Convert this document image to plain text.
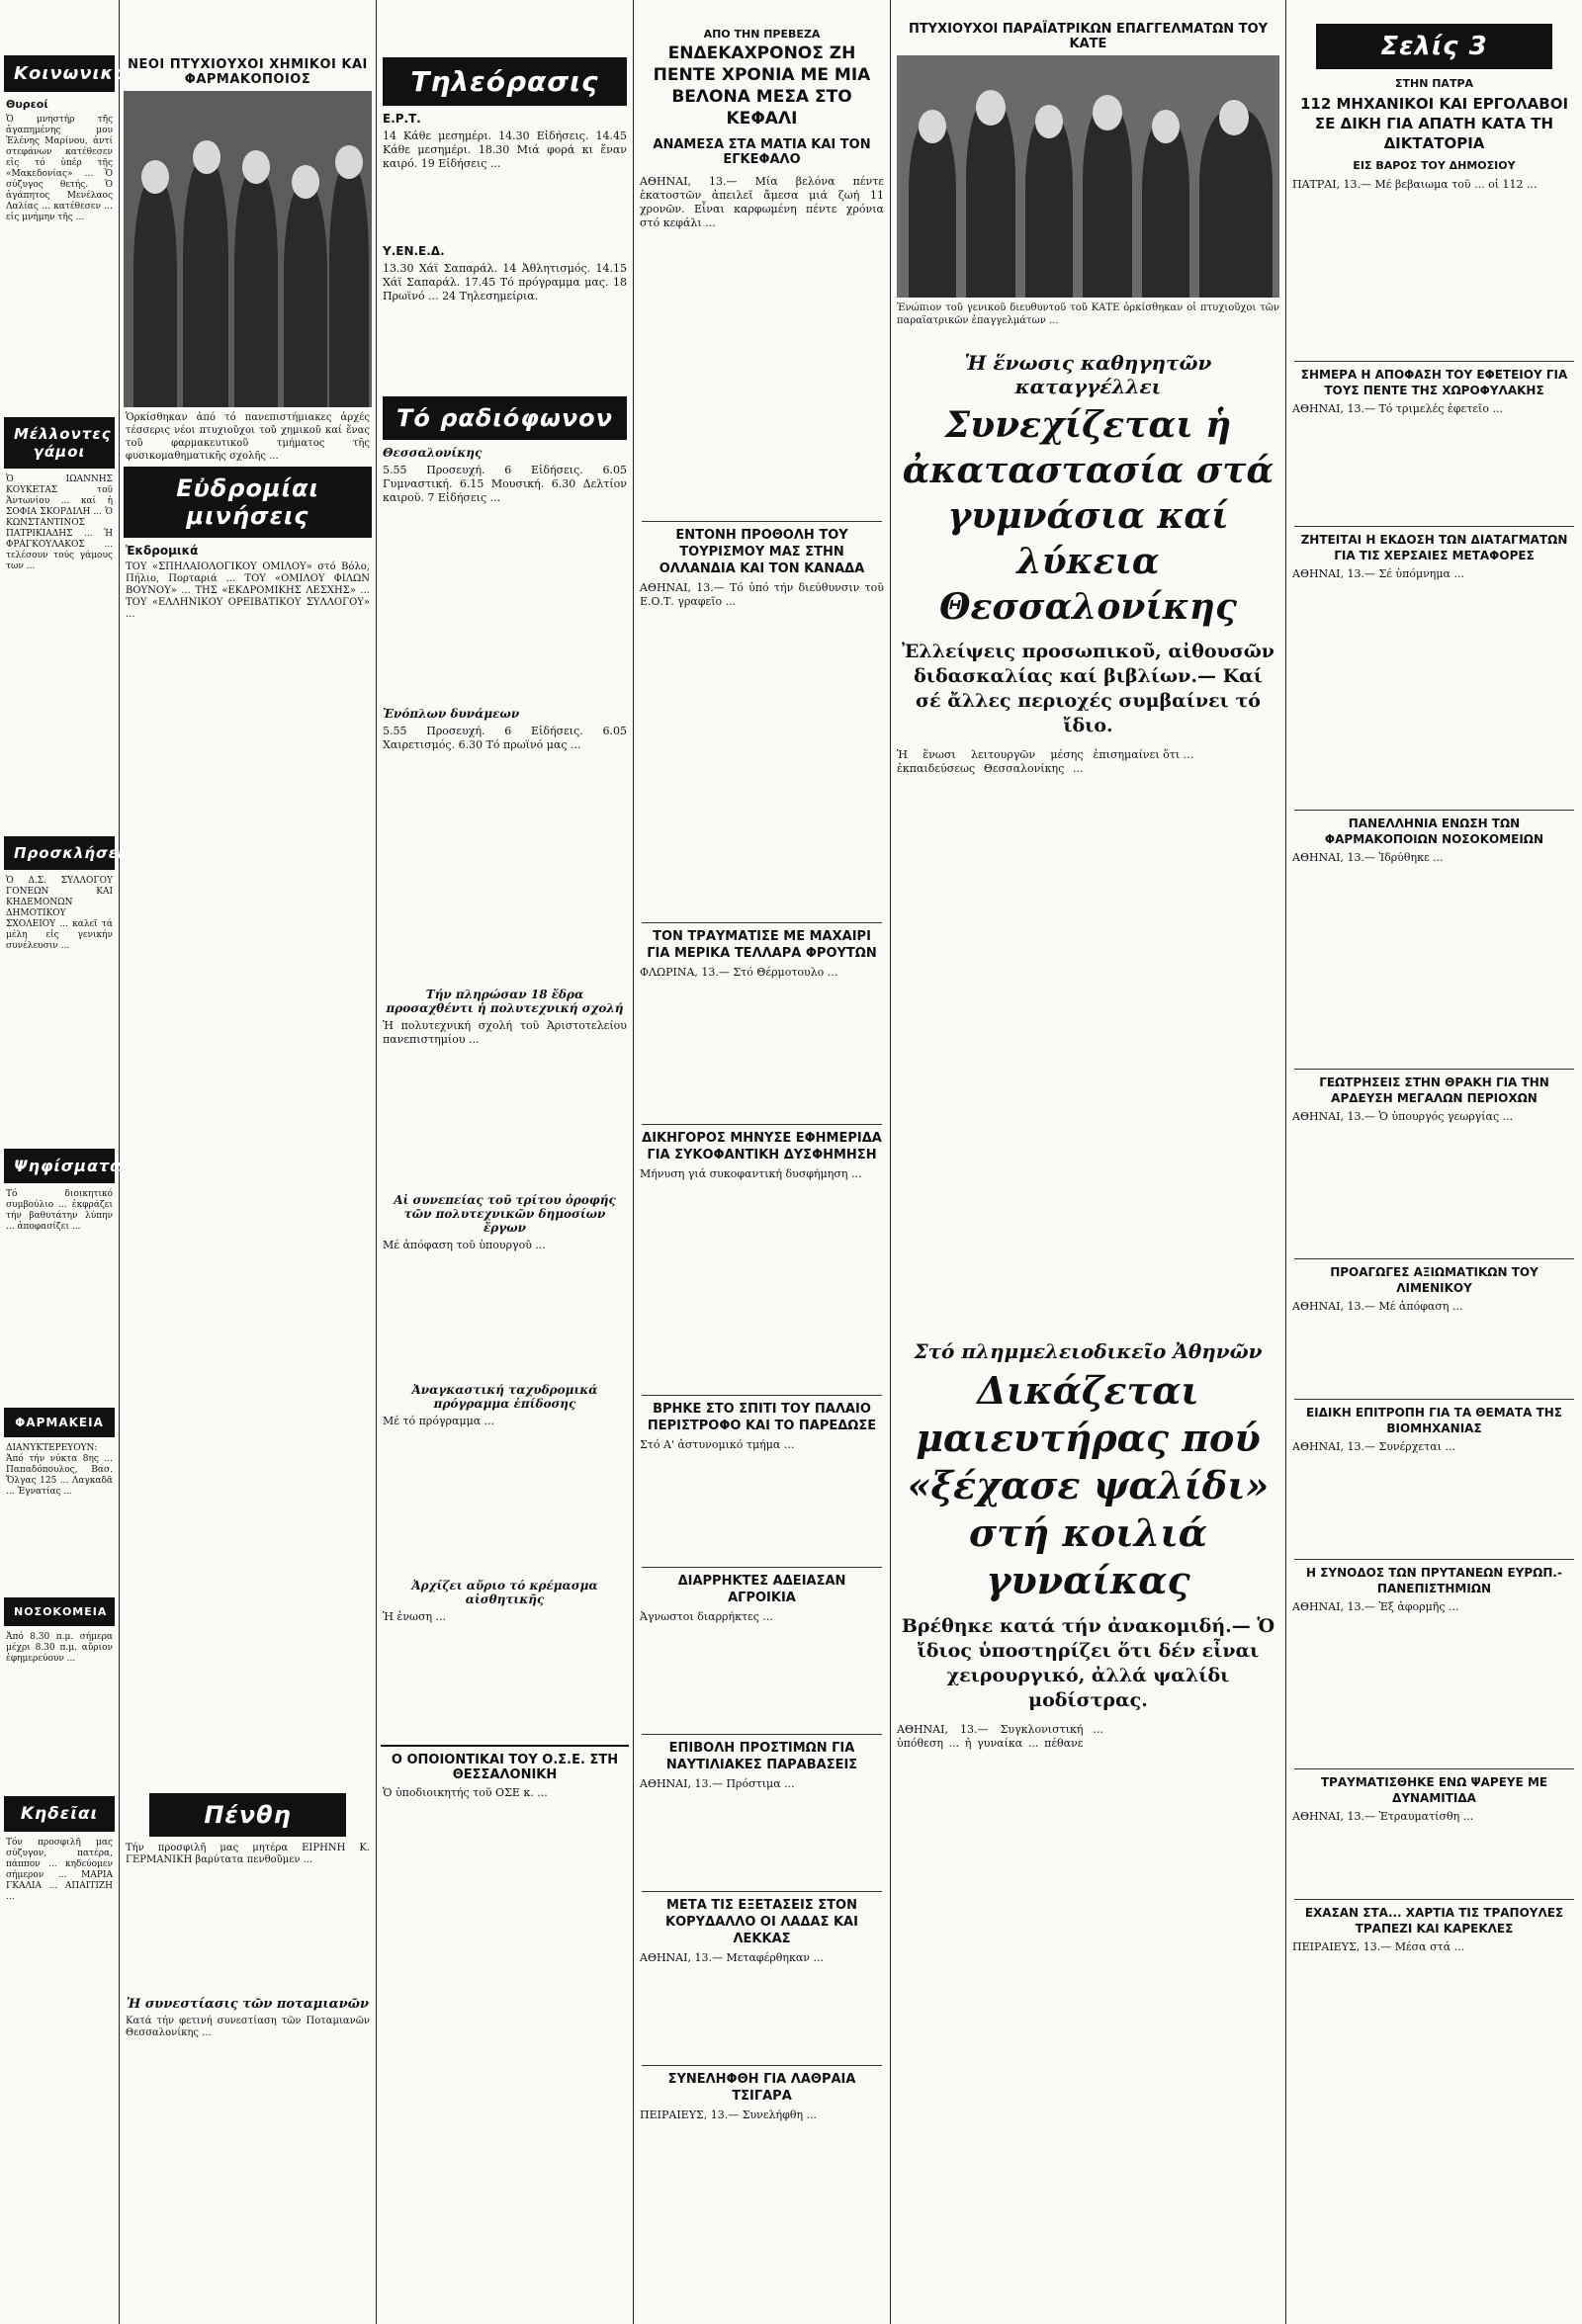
Κοινωνικά
Θυρεοί
Ὁ μνηστήρ τῆς ἀγαπημένης μου Ἐλένης Μαρίνου, ἀντί στεφάνων κατέθεσεν εἰς τό ὑπέρ τῆς «Μακεδονίας» ... Ὁ σύζυγος θετής. Ὁ ἀγάπητος Μενέλαος Λαλίας ... κατέθεσεν ... εἰς μνήμην τῆς ...
Μέλλοντες γάμοι
Ὁ ΙΩΑΝΝΗΣ ΚΟΥΚΕΤΑΣ τοῦ Ἀντωνίου ... καί ἡ ΣΟΦΙΑ ΣΚΟΡΔΙΛΗ ... Ὁ ΚΩΝΣΤΑΝΤΙΝΟΣ ΠΑΤΡΙΚΙΑΔΗΣ ... Ἡ ΦΡΑΓΚΟΥΛΑΚΟΣ ... τελέσουν τούς γάμους των ...
Προσκλήσεις
Ὁ Δ.Σ. ΣΥΛΛΟΓΟΥ ΓΟΝΕΩΝ ΚΑΙ ΚΗΔΕΜΟΝΩΝ ΔΗΜΟΤΙΚΟΥ ΣΧΟΛΕΙΟΥ ... καλεῖ τά μέλη εἰς γενικήν συνέλευσιν ...
Ψηφίσματα
Τό διοικητικό συμβούλιο ... ἐκφράζει τήν βαθυτάτην λύπην ... ἀποφασίζει ...
ΦΑΡΜΑΚΕΙΑ
ΔΙΑΝΥΚΤΕΡΕΥΟΥΝ: Ἀπό τήν νύκτα 8ης ... Παπαδόπουλος, Βασ. Ὄλγας 125 ... Λαγκαδᾶ ... Ἐγνατίας ...
ΝΟΣΟΚΟΜΕΙΑ
Ἀπό 8.30 π.μ. σήμερα μέχρι 8.30 π.μ. αὔριον ἐφημερεύουν ...
Κηδεῖαι
Τόν προσφιλῆ μας σύζυγον, πατέρα, πάππον ... κηδεύομεν σήμερον ... ΜΑΡΙΑ ΓΚΑΛΙΑ ... ΑΠΑΙΤΙΖΗ ...
ΝΕΟΙ ΠΤΥΧΙΟΥΧΟΙ ΧΗΜΙΚΟΙ ΚΑΙ ΦΑΡΜΑΚΟΠΟΙΟΣ
Ὁρκίσθηκαν ἀπό τό πανεπιστήμιακες ἀρχές τέσσερις νέοι πτυχιοῦχοι τοῦ χημικοῦ καί ἕνας τοῦ φαρμακευτικοῦ τμήματος τῆς φυσικομαθηματικῆς σχολῆς ...
Εὐδρομίαι μινήσεις
Ἐκδρομικά
ΤΟΥ «ΣΠΗΛΑΙΟΛΟΓΙΚΟΥ ΟΜΙΛΟΥ» στό Βόλο, Πήλιο, Πορταριά ... ΤΟΥ «ΟΜΙΛΟΥ ΦΙΛΩΝ ΒΟΥΝΟΥ» ... ΤΗΣ «ΕΚΔΡΟΜΙΚΗΣ ΛΕΣΧΗΣ» ... ΤΟΥ «ΕΛΛΗΝΙΚΟΥ ΟΡΕΙΒΑΤΙΚΟΥ ΣΥΛΛΟΓΟΥ» ...
Πένθη
Τήν προσφιλῆ μας μητέρα ΕΙΡΗΝΗ Κ. ΓΕΡΜΑΝΙΚΗ βαρύτατα πενθοῦμεν ...
Ἡ συνεστίασις τῶν ποταμιανῶν
Κατά τήν φετινή συνεστίαση τῶν Ποταμιανῶν Θεσσαλονίκης ...
Τηλεόρασις
Ε.Ρ.Τ.
14 Κάθε μεσημέρι. 14.30 Εἰδήσεις. 14.45 Κάθε μεσημέρι. 18.30 Μιά φορά κι ἕναν καιρό. 19 Εἰδήσεις ...
Υ.ΕΝ.Ε.Δ.
13.30 Χάϊ Σαπαράλ. 14 Ἀθλητισμός. 14.15 Χάϊ Σαπαράλ. 17.45 Τό πρόγραμμα μας. 18 Πρωϊνό ... 24 Τηλεσημείρια.
Τό ραδιόφωνον
Θεσσαλονίκης
5.55 Προσευχή. 6 Εἰδήσεις. 6.05 Γυμναστική. 6.15 Μουσική. 6.30 Δελτίον καιροῦ. 7 Εἰδήσεις ...
Ἐνόπλων δυνάμεων
5.55 Προσευχή. 6 Εἰδήσεις. 6.05 Χαιρετισμός. 6.30 Τό πρωϊνό μας ...
Τήν πληρώσαν 18 ἔδρα προσαχθέντι ἡ πολυτεχνική σχολή
Ἡ πολυτεχνική σχολή τοῦ Ἀριστοτελείου πανεπιστημίου ...
Αἱ συνεπείας τοῦ τρίτου ὀροφής τῶν πολυτεχνικῶν δημοσίων ἔργων
Μέ ἀπόφαση τοῦ ὑπουργοῦ ...
Ἀναγκαστική ταχυδρομικά πρόγραμμα ἐπίδοσης
Μέ τό πρόγραμμα ...
Ἀρχίζει αὔριο τό κρέμασμα αἰσθητικῆς
Ἡ ἐνωση ...
Ο ΟΠΟΙΟΝΤΙΚΑΙ ΤΟΥ Ο.Σ.Ε. ΣΤΗ ΘΕΣΣΑΛΟΝΙΚΗ
Ὁ ὑποδιοικητής τοῦ ΟΣΕ κ. ...
ΑΠΟ ΤΗΝ ΠΡΕΒΕΖΑ
ΕΝΔΕΚΑΧΡΟΝΟΣ ΖΗ ΠΕΝΤΕ ΧΡΟΝΙΑ ΜΕ ΜΙΑ ΒΕΛΟΝΑ ΜΕΣΑ ΣΤΟ ΚΕΦΑΛΙ
ΑΝΑΜΕΣΑ ΣΤΑ ΜΑΤΙΑ ΚΑΙ ΤΟΝ ΕΓΚΕΦΑΛΟ
ΑΘΗΝΑΙ, 13.— Μία βελόνα πέντε ἑκατοστῶν ἀπειλεῖ ἄμεσα μιά ζωή 11 χρονῶν. Εἶναι καρφωμένη πέντε χρόνια στό κεφάλι ...
ΕΝΤΟΝΗ ΠΡΟΘΟΛΗ ΤΟΥ ΤΟΥΡΙΣΜΟΥ ΜΑΣ ΣΤΗΝ ΟΛΛΑΝΔΙΑ ΚΑΙ ΤΟΝ ΚΑΝΑΔΑ
ΑΘΗΝΑΙ, 13.— Τό ὑπό τήν διεύθυνσιν τοῦ Ε.Ο.Τ. γραφεῖο ...
ΤΟΝ ΤΡΑΥΜΑΤΙΣΕ ΜΕ ΜΑΧΑΙΡΙ ΓΙΑ ΜΕΡΙΚΑ ΤΕΛΛΑΡΑ ΦΡΟΥΤΩΝ
ΦΛΩΡΙΝΑ, 13.— Στό Θέρμοτουλο ...
ΔΙΚΗΓΟΡΟΣ ΜΗΝΥΣΕ ΕΦΗΜΕΡΙΔΑ ΓΙΑ ΣΥΚΟΦΑΝΤΙΚΗ ΔΥΣΦΗΜΗΣΗ
Μήνυση γιά συκοφαντική δυσφήμηση ...
ΒΡΗΚΕ ΣΤΟ ΣΠΙΤΙ ΤΟΥ ΠΑΛΑΙΟ ΠΕΡΙΣΤΡΟΦΟ ΚΑΙ ΤΟ ΠΑΡΕΔΩΣΕ
Στό Α' ἀστυνομικό τμήμα ...
ΔΙΑΡΡΗΚΤΕΣ ΑΔΕΙΑΣΑΝ ΑΓΡΟΙΚΙΑ
Ἀγνωστοι διαρρήκτες ...
ΕΠΙΒΟΛΗ ΠΡΟΣΤΙΜΩΝ ΓΙΑ ΝΑΥΤΙΛΙΑΚΕΣ ΠΑΡΑΒΑΣΕΙΣ
ΑΘΗΝΑΙ, 13.— Πρόστιμα ...
ΜΕΤΑ ΤΙΣ ΕΞΕΤΑΣΕΙΣ ΣΤΟΝ ΚΟΡΥΔΑΛΛΟ ΟΙ ΛΑΔΑΣ ΚΑΙ ΛΕΚΚΑΣ
ΑΘΗΝΑΙ, 13.— Μεταφέρθηκαν ...
ΣΥΝΕΛΗΦΘΗ ΓΙΑ ΛΑΘΡΑΙΑ ΤΣΙΓΑΡΑ
ΠΕΙΡΑΙΕΥΣ, 13.— Συνελήφθη ...
ΠΤΥΧΙΟΥΧΟΙ ΠΑΡΑΪΑΤΡΙΚΩΝ ΕΠΑΓΓΕΛΜΑΤΩΝ ΤΟΥ ΚΑΤΕ
Ἐνώπιον τοῦ γενικοῦ διευθυντοῦ τοῦ ΚΑΤΕ ὁρκίσθηκαν οἱ πτυχιοῦχοι τῶν παραϊατρικῶν ἐπαγγελμάτων ...
Ἡ ἕνωσις καθηγητῶν καταγγέλλει
Συνεχίζεται ἡ ἀκαταστασία στά γυμνάσια καί λύκεια Θεσσαλονίκης
Ἐλλείψεις προσωπικοῦ, αἰθουσῶν διδασκαλίας καί βιβλίων.— Καί σέ ἄλλες περιοχές συμβαίνει τό ἴδιο.
Ἡ ἕνωσι λειτουργῶν μέσης ἐκπαιδεύσεως Θεσσαλονίκης ... ἐπισημαίνει ὅτι ...
Στό πλημμελειοδικεῖο Ἀθηνῶν
Δικάζεται μαιευτήρας πού «ξέχασε ψαλίδι» στή κοιλιά γυναίκας
Βρέθηκε κατά τήν ἀνακομιδή.— Ὁ ἴδιος ὑποστηρίζει ὅτι δέν εἶναι χειρουργικό, ἀλλά ψαλίδι μοδίστρας.
ΑΘΗΝΑΙ, 13.— Συγκλονιστική ὑπόθεση ... ἡ γυναίκα ... πέθανε ...
Σελίς 3
ΣΤΗΝ ΠΑΤΡΑ
112 ΜΗΧΑΝΙΚΟΙ ΚΑΙ ΕΡΓΟΛΑΒΟΙ ΣΕ ΔΙΚΗ ΓΙΑ ΑΠΑΤΗ ΚΑΤΑ ΤΗ ΔΙΚΤΑΤΟΡΙΑ
ΕΙΣ ΒΑΡΟΣ ΤΟΥ ΔΗΜΟΣΙΟΥ
ΠΑΤΡΑΙ, 13.— Μέ βεβαιωμα τοῦ ... οἱ 112 ...
ΣΗΜΕΡΑ Η ΑΠΟΦΑΣΗ ΤΟΥ ΕΦΕΤΕΙΟΥ ΓΙΑ ΤΟΥΣ ΠΕΝΤΕ ΤΗΣ ΧΩΡΟΦΥΛΑΚΗΣ
ΑΘΗΝΑΙ, 13.— Τό τριμελές ἐφετεῖο ...
ΖΗΤΕΙΤΑΙ Η ΕΚΔΟΣΗ ΤΩΝ ΔΙΑΤΑΓΜΑΤΩΝ ΓΙΑ ΤΙΣ ΧΕΡΣΑΙΕΣ ΜΕΤΑΦΟΡΕΣ
ΑΘΗΝΑΙ, 13.— Σέ ὑπόμνημα ...
ΠΑΝΕΛΛΗΝΙΑ ΕΝΩΣΗ ΤΩΝ ΦΑΡΜΑΚΟΠΟΙΩΝ ΝΟΣΟΚΟΜΕΙΩΝ
ΑΘΗΝΑΙ, 13.— Ἱδρύθηκε ...
ΓΕΩΤΡΗΣΕΙΣ ΣΤΗΝ ΘΡΑΚΗ ΓΙΑ ΤΗΝ ΑΡΔΕΥΣΗ ΜΕΓΑΛΩΝ ΠΕΡΙΟΧΩΝ
ΑΘΗΝΑΙ, 13.— Ὁ ὑπουργός γεωργίας ...
ΠΡΟΑΓΩΓΕΣ ΑΞΙΩΜΑΤΙΚΩΝ ΤΟΥ ΛΙΜΕΝΙΚΟΥ
ΑΘΗΝΑΙ, 13.— Μέ ἀπόφαση ...
ΕΙΔΙΚΗ ΕΠΙΤΡΟΠΗ ΓΙΑ ΤΑ ΘΕΜΑΤΑ ΤΗΣ ΒΙΟΜΗΧΑΝΙΑΣ
ΑΘΗΝΑΙ, 13.— Συνέρχεται ...
Η ΣΥΝΟΔΟΣ ΤΩΝ ΠΡΥΤΑΝΕΩΝ ΕΥΡΩΠ.-ΠΑΝΕΠΙΣΤΗΜΙΩΝ
ΑΘΗΝΑΙ, 13.— Ἐξ ἀφορμῆς ...
ΤΡΑΥΜΑΤΙΣΘΗΚΕ ΕΝΩ ΨΑΡΕΥΕ ΜΕ ΔΥΝΑΜΙΤΙΔΑ
ΑΘΗΝΑΙ, 13.— Ἐτραυματίσθη ...
ΕΧΑΣΑΝ ΣΤΑ... ΧΑΡΤΙΑ ΤΙΣ ΤΡΑΠΟΥΛΕΣ ΤΡΑΠΕΖΙ ΚΑΙ ΚΑΡΕΚΛΕΣ
ΠΕΙΡΑΙΕΥΣ, 13.— Μέσα στά ...
